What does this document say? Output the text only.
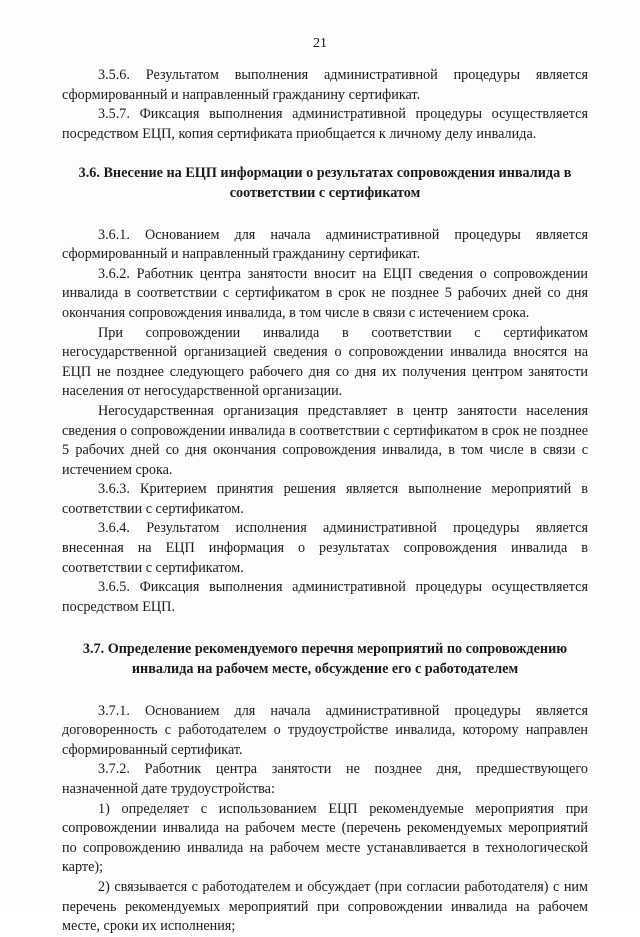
21

3.5.6. Результатом выполнения административной процедуры является сформированный и направленный гражданину сертификат.

3.5.7. Фиксация выполнения административной процедуры осуществляется посредством ЕЦП, копия сертификата приобщается к личному делу инвалида.

3.6. Внесение на ЕЦП информации о результатах сопровождения инвалида в соответствии с сертификатом

3.6.1. Основанием для начала административной процедуры является сформированный и направленный гражданину сертификат.

3.6.2. Работник центра занятости вносит на ЕЦП сведения о сопровождении инвалида в соответствии с сертификатом в срок не позднее 5 рабочих дней со дня окончания сопровождения инвалида, в том числе в связи с истечением срока.

При сопровождении инвалида в соответствии с сертификатом негосударственной организацией сведения о сопровождении инвалида вносятся на ЕЦП не позднее следующего рабочего дня со дня их получения центром занятости населения от негосударственной организации.

Негосударственная организация представляет в центр занятости населения сведения о сопровождении инвалида в соответствии с сертификатом в срок не позднее 5 рабочих дней со дня окончания сопровождения инвалида, в том числе в связи с истечением срока.

3.6.3. Критерием принятия решения является выполнение мероприятий в соответствии с сертификатом.

3.6.4. Результатом исполнения административной процедуры является внесенная на ЕЦП информация о результатах сопровождения инвалида в соответствии с сертификатом.

3.6.5. Фиксация выполнения административной процедуры осуществляется посредством ЕЦП.

3.7. Определение рекомендуемого перечня мероприятий по сопровождению инвалида на рабочем месте, обсуждение его с работодателем

3.7.1. Основанием для начала административной процедуры является договоренность с работодателем о трудоустройстве инвалида, которому направлен сформированный сертификат.

3.7.2. Работник центра занятости не позднее дня, предшествующего назначенной дате трудоустройства:

1) определяет с использованием ЕЦП рекомендуемые мероприятия при сопровождении инвалида на рабочем месте (перечень рекомендуемых мероприятий по сопровождению инвалида на рабочем месте устанавливается в технологической карте);

2) связывается с работодателем и обсуждает (при согласии работодателя) с ним перечень рекомендуемых мероприятий при сопровождении инвалида на рабочем месте, сроки их исполнения;
